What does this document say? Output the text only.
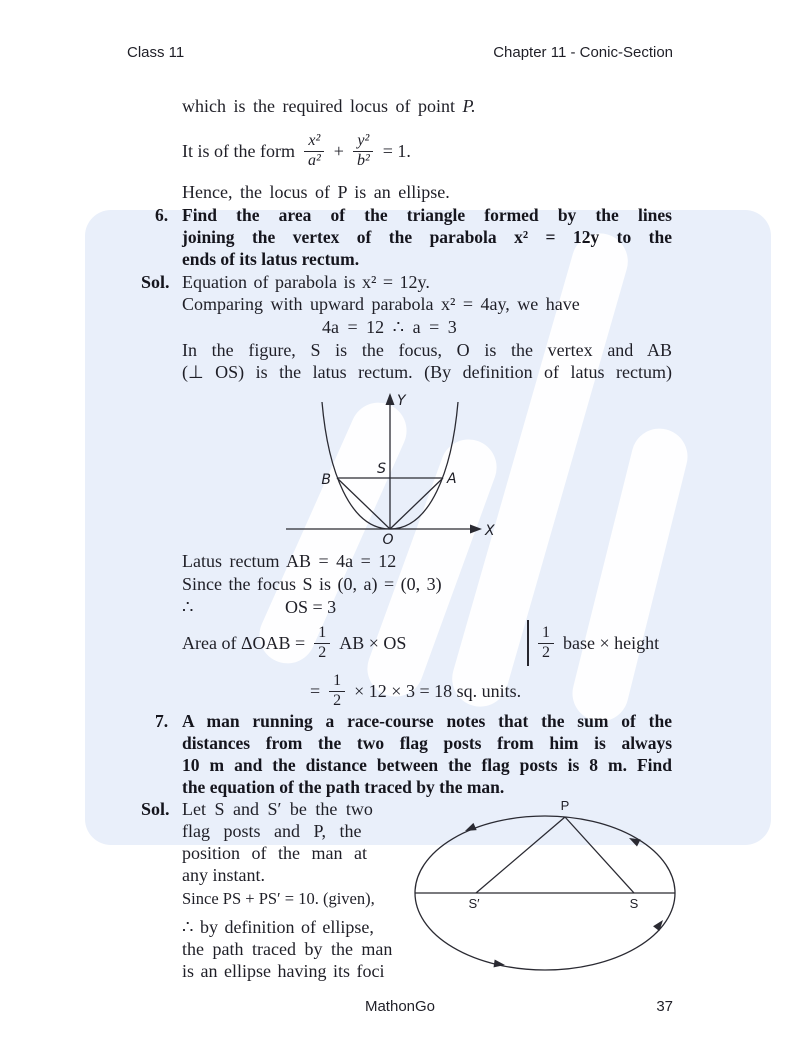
Class 11	Chapter 11 - Conic-Section
which is the required locus of point P.
It is of the form
x²
$a^2 + \frac{\text{y²}}{\text{b²}} = 1$.
Hence, the locus of P is an ellipse.
6. Find the area of the triangle formed by the lines
joining the vertex of the parabola x² = 12y to the
ends of its latus rectum.
Sol. Equation of parabola is x² = 12y.
Comparing with upward parabola x² = 4ay, we have
4a = 12 ∴ a = 3
In the figure, S is the focus, O is the vertex and AB
(⊥ OS) is the latus rectum. (By definition of latus rectum)
Y
X
S
B	A
O
Latus rectum AB = 4a = 12
Since the focus S is (0, a) = (0, 3)
∴	OS = 3
Area of $\Delta OAB = \frac{1}{2}$ AB × OS
1
2 base × height
= $\frac{1}{2} \times 12 \times 3 = 18$ sq. units.
7. A man running a race-course notes that the sum of the
distances from the two flag posts from him is always
10 m and the distance between the flag posts is 8 m. Find
the equation of the path traced by the man.
Sol. Let S and S′ be the two
flag posts and P, the
position of the man at
any instant.
Since PS + PS′ = 10. (given),
∴ by definition of ellipse,
the path traced by the man
is an ellipse having its foci
P
S′	S
MathonGo	37
